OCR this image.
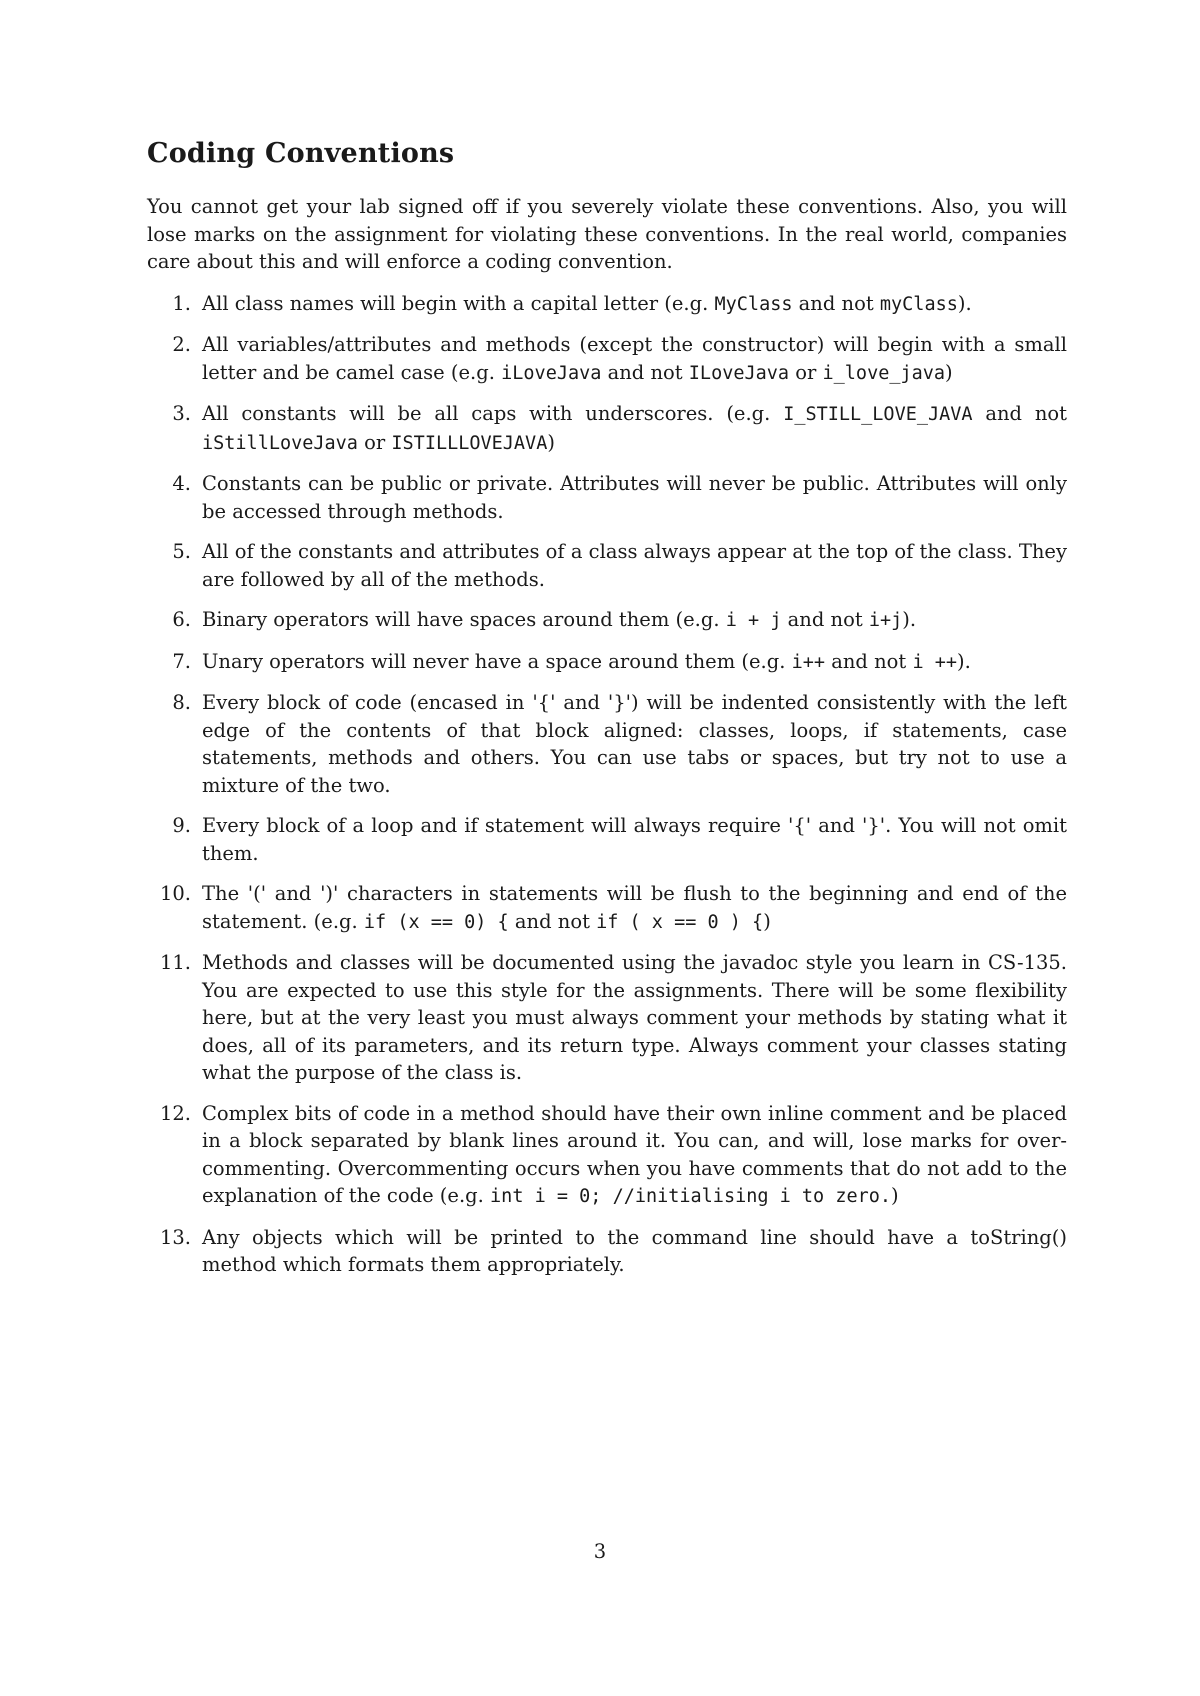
Coding Conventions

You cannot get your lab signed off if you severely violate these conventions. Also, you will lose marks on the assignment for violating these conventions. In the real world, companies care about this and will enforce a coding convention.

1. All class names will begin with a capital letter (e.g. MyClass and not myClass).
2. All variables/attributes and methods (except the constructor) will begin with a small letter and be camel case (e.g. iLoveJava and not ILoveJava or i_love_java)
3. All constants will be all caps with underscores. (e.g. I_STILL_LOVE_JAVA and not iStillLoveJava or ISTILLLOVEJAVA)
4. Constants can be public or private. Attributes will never be public. Attributes will only be accessed through methods.
5. All of the constants and attributes of a class always appear at the top of the class. They are followed by all of the methods.
6. Binary operators will have spaces around them (e.g. i + j and not i+j).
7. Unary operators will never have a space around them (e.g. i++ and not i ++).
8. Every block of code (encased in '{' and '}') will be indented consistently with the left edge of the contents of that block aligned: classes, loops, if statements, case statements, methods and others. You can use tabs or spaces, but try not to use a mixture of the two.
9. Every block of a loop and if statement will always require '{' and '}'. You will not omit them.
10. The '(' and ')' characters in statements will be flush to the beginning and end of the statement. (e.g. if (x == 0) { and not if ( x == 0 ) {)
11. Methods and classes will be documented using the javadoc style you learn in CS-135. You are expected to use this style for the assignments. There will be some flexibility here, but at the very least you must always comment your methods by stating what it does, all of its parameters, and its return type. Always comment your classes stating what the purpose of the class is.
12. Complex bits of code in a method should have their own inline comment and be placed in a block separated by blank lines around it. You can, and will, lose marks for over-commenting. Overcommenting occurs when you have comments that do not add to the explanation of the code (e.g. int i = 0; //initialising i to zero.)
13. Any objects which will be printed to the command line should have a toString() method which formats them appropriately.
3
